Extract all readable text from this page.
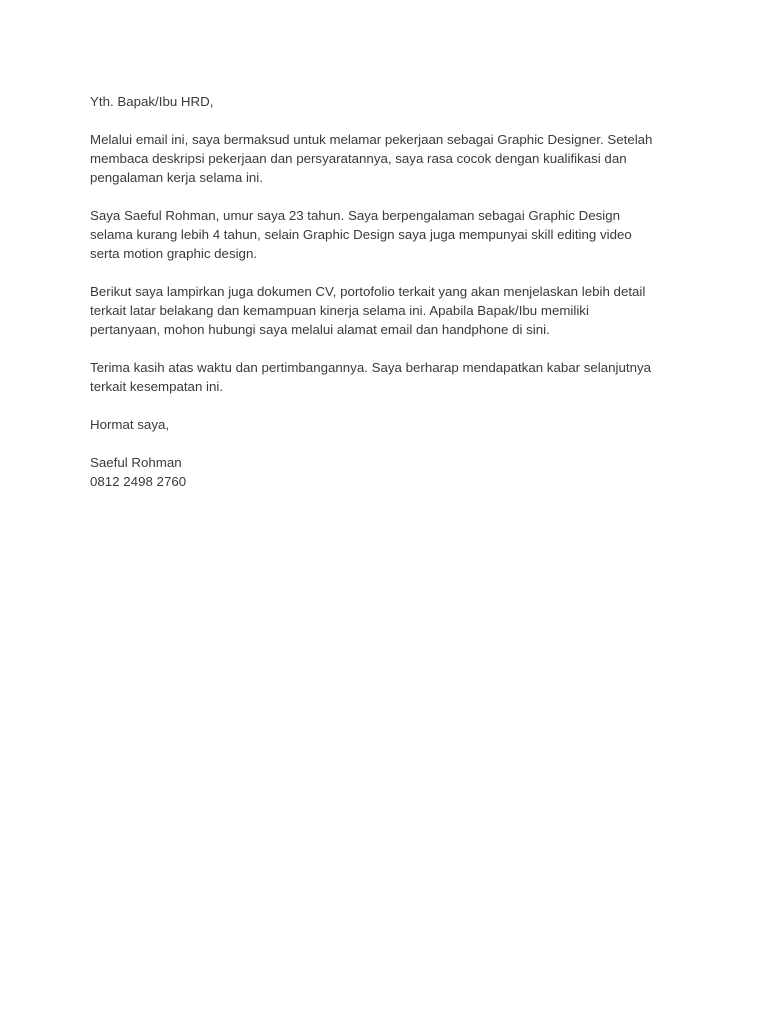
Yth. Bapak/Ibu HRD,

Melalui email ini, saya bermaksud untuk melamar pekerjaan sebagai Graphic Designer. Setelah
membaca deskripsi pekerjaan dan persyaratannya, saya rasa cocok dengan kualifikasi dan
pengalaman kerja selama ini.

Saya Saeful Rohman, umur saya 23 tahun. Saya berpengalaman sebagai Graphic Design
selama kurang lebih 4 tahun, selain Graphic Design saya juga mempunyai skill editing video
serta motion graphic design.

Berikut saya lampirkan juga dokumen CV, portofolio terkait yang akan menjelaskan lebih detail
terkait latar belakang dan kemampuan kinerja selama ini. Apabila Bapak/Ibu memiliki
pertanyaan, mohon hubungi saya melalui alamat email dan handphone di sini.

Terima kasih atas waktu dan pertimbangannya. Saya berharap mendapatkan kabar selanjutnya
terkait kesempatan ini.

Hormat saya,

Saeful Rohman
0812 2498 2760
